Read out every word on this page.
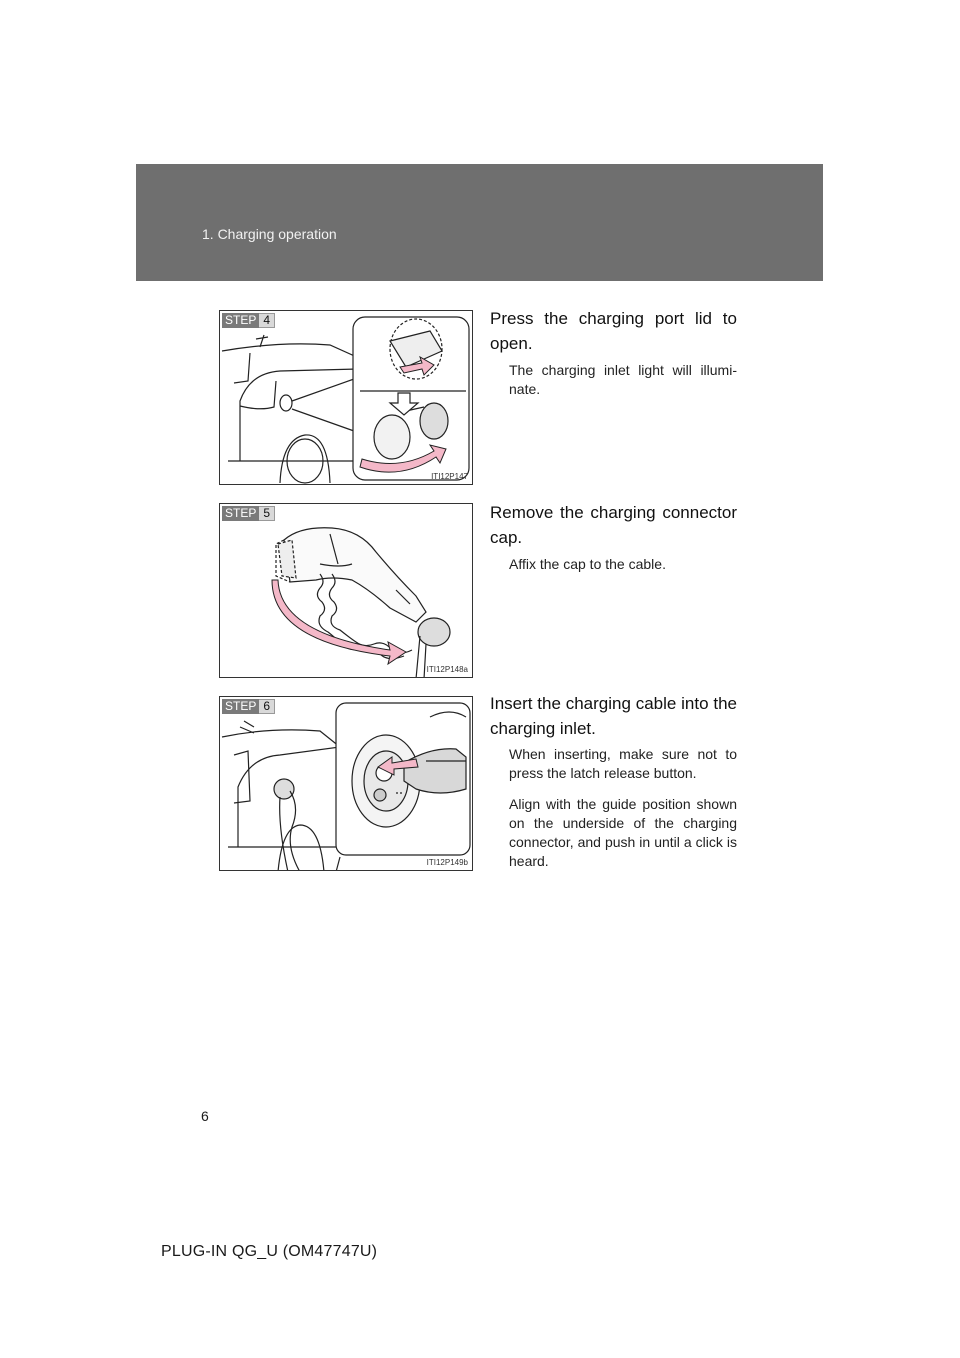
1. Charging operation
STEP 4
ITI12P147
Press the charging port lid to open.
The charging inlet light will illumi-nate.
STEP 5
ITI12P148a
Remove the charging connector cap.
Affix the cap to the cable.
STEP 6
ITI12P149b
Insert the charging cable into the charging inlet.
When inserting, make sure not to press the latch release button.
Align with the guide position shown on the underside of the charging connector, and push in until a click is heard.
6
PLUG-IN QG_U (OM47747U)
